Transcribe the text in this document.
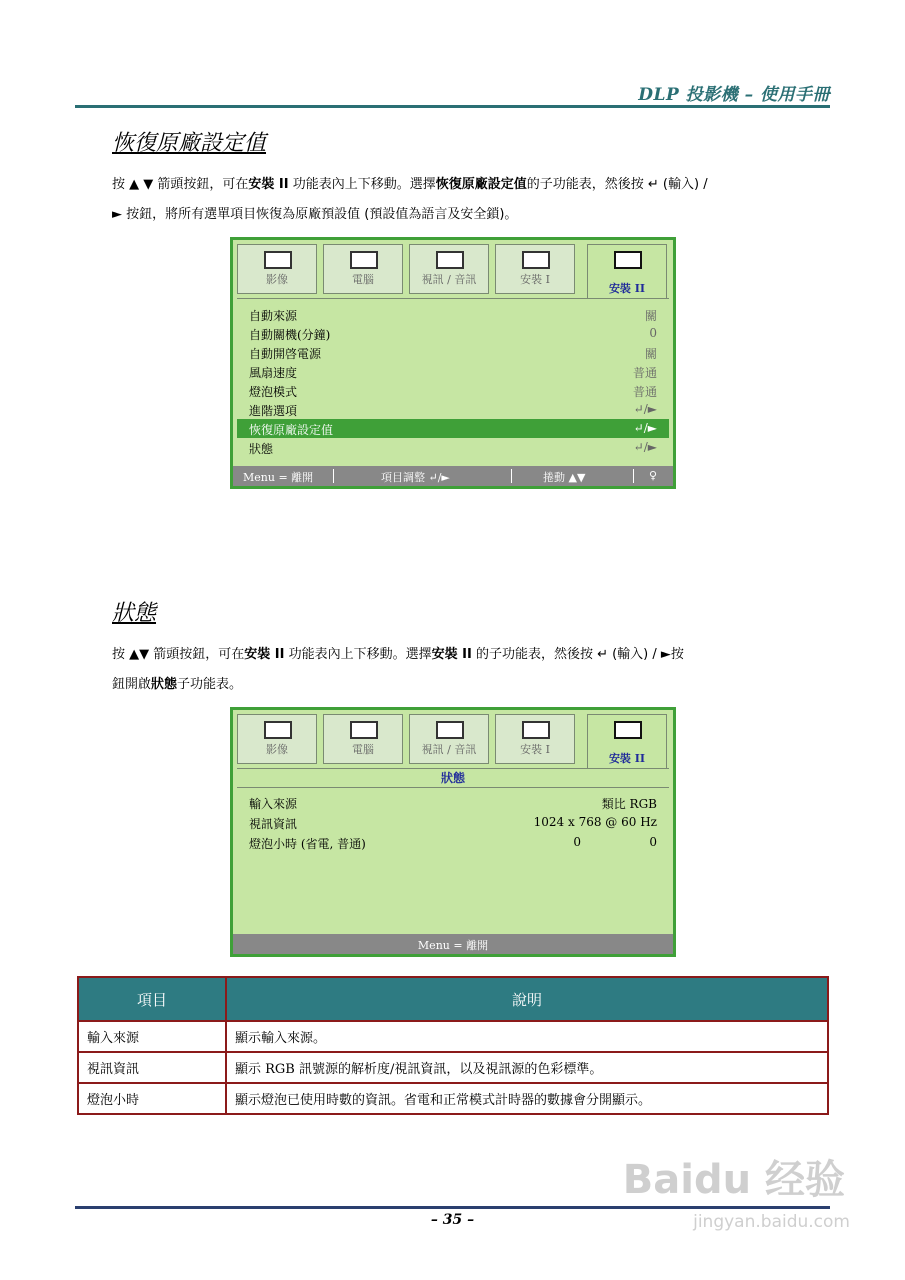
DLP 投影機 – 使用手冊
恢復原廠設定值
按 ▲ ▼ 箭頭按鈕，可在安裝 II 功能表內上下移動。選擇恢復原廠設定值的子功能表，然後按 ↵ (輸入) /
► 按鈕，將所有選單項目恢復為原廠預設值 (預設值為語言及安全鎖)。
影像	電腦	視訊 / 音訊	安裝 I
安裝 II
自動來源	關
自動關機(分鐘)	0
自動開啓電源	關
風扇速度	普通
燈泡模式	普通
進階選項	↵/►
恢復原廠設定值	↵/►
狀態	↵/►
Menu = 離開	項目調整 ↵/►	捲動 ▲▼	♀
狀態
按 ▲▼ 箭頭按鈕，可在安裝 II 功能表內上下移動。選擇安裝 II 的子功能表，然後按 ↵ (輸入) / ►按
鈕開啟狀態子功能表。
影像	電腦	視訊 / 音訊	安裝 I
安裝 II
狀態
輸入來源	類比 RGB
視訊資訊	1024 x 768 @ 60 Hz
燈泡小時 (省電, 普通)	0	0
Menu = 離開
項目	說明
輸入來源	顯示輸入來源。
視訊資訊	顯示 RGB 訊號源的解析度/視訊資訊，以及視訊源的色彩標準。
燈泡小時	顯示燈泡已使用時數的資訊。省電和正常模式計時器的數據會分開顯示。
– 35 –
Baidu 经验
jingyan.baidu.com
